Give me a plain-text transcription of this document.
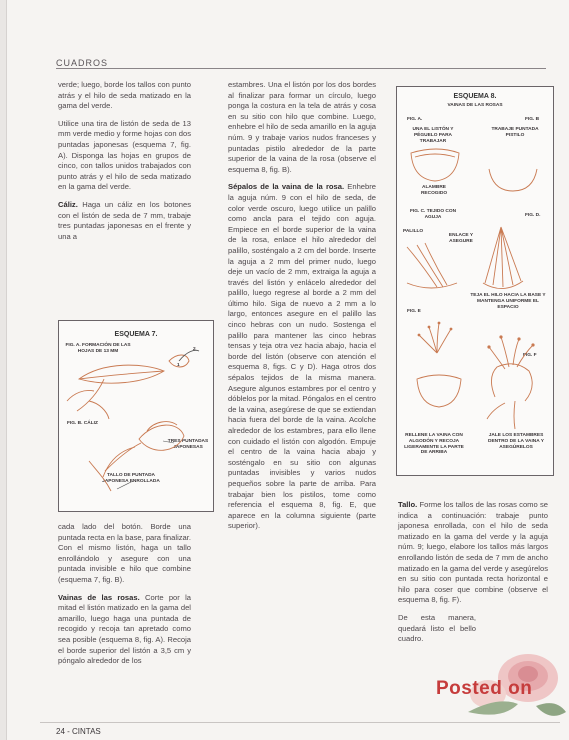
CUADROS

verde; luego, borde los tallos con punto atrás y el hilo de seda matizado en la gama del verde.

Utilice una tira de listón de seda de 13 mm verde medio y forme hojas con dos puntadas japonesas (esquema 7, fig. A). Disponga las hojas en grupos de cinco, con tallos unidos trabajados con punto atrás y el hilo de seda matizado en la gama del verde.

Cáliz. Haga un cáliz en los botones con el listón de seda de 7 mm, trabaje tres puntadas japonesas en el frente y una a

ESQUEMA 7.
FIG. A. FORMACIÓN DE LAS HOJAS DE 13 MM
1
2
FIG. B. CÁLIZ
TRES PUNTADAS JAPONESAS
TALLO DE PUNTADA JAPONESA ENROLLADA

cada lado del botón. Borde una puntada recta en la base, para finalizar. Con el mismo listón, haga un tallo enrollándolo y asegure con una puntada invisible e hilo que combine (esquema 7, fig. B).

Vainas de las rosas. Corte por la mitad el listón matizado en la gama del amarillo, luego haga una puntada de recogido y recoja tan apretado como sea posible (esquema 8, fig. A). Recoja el borde superior del listón a 3,5 cm y póngalo alrededor de los

estambres. Una el listón por los dos bordes al finalizar para formar un círculo, luego ponga la costura en la tela de atrás y cosa en su sitio con hilo que combine. Luego, enhebre el hilo de seda amarillo en la aguja núm. 9 y trabaje varios nudos franceses y puntadas pistilo alrededor de la parte superior de la vaina de la rosa (observe el esquema 8, fig. B).

Sépalos de la vaina de la rosa. Enhebre la aguja núm. 9 con el hilo de seda, de color verde oscuro, luego utilice un palillo como ancla para el tejido con aguja. Empiece en el borde superior de la vaina de la rosa, enlace el hilo alrededor del palillo, sosténgalo a 2 cm del borde. Inserte la aguja a 2 mm del primer nudo, luego deje un vacío de 2 mm, extraiga la aguja a través del listón y enlácelo alrededor del palillo, luego regrese al borde a 2 mm del último hilo. Siga de nuevo a 2 mm a lo largo, entonces asegure en el palillo las cinco hebras con un nudo. Sostenga el palillo para mantener las cinco hebras tensas y teja otra vez hacia abajo, hacia el borde del listón (observe con atención el esquema 8, figs. C y D). Haga otros dos sépalos tejidos de la misma manera. Asegure algunos estambres por el centro y dóblelos por la mitad. Póngalos en el centro de la vaina, asegúrese de que se extiendan hacia fuera del borde de la vaina. Acolche alrededor de los estambres, para ello llene con cuidado el listón con algodón. Empuje el centro de la vaina hacia abajo y sosténgalo en su sitio con algunas puntadas invisibles y varios nudos pequeños sobre la parte de arriba. Para trabajar bien los pistilos, tome como referencia el esquema 8, fig. E, que aparece en la columna siguiente (parte superior).

ESQUEMA 8.
VAINAS DE LAS ROSAS
FIG. A.	FIG. B
UNA EL LISTÓN Y PÉGUELO PARA TRABAJAR
TRABAJE PUNTADA PISTILO
ALAMBRE RECOGIDO
FIG. C. TEJIDO CON AGUJA	FIG. D.
PALILLO
ENLACE Y ASEGURE
TEJA EL HILO HACIA LA BASE Y MANTENGA UNIFORME EL ESPACIO
FIG. E
FIG. F
RELLENE LA VAINA CON ALGODÓN Y RECOJA LIGERAMENTE LA PARTE DE ARRIBA
JALE LOS ESTAMBRES DENTRO DE LA VAINA Y ASEGÚRELOS

Tallo. Forme los tallos de las rosas como se indica a continuación: trabaje punto japonesa enrollada, con el hilo de seda matizado en la gama del verde y la aguja núm. 9; luego, elabore los tallos más largos enrollando listón de seda de 7 mm de ancho matizado en la gama del verde y asegúrelos en su sitio con puntada recta horizontal e hilo para coser que combine (observe el esquema 8, fig. F).

De esta manera, quedará listo el bello cuadro.

Posted on
24 - CINTAS
